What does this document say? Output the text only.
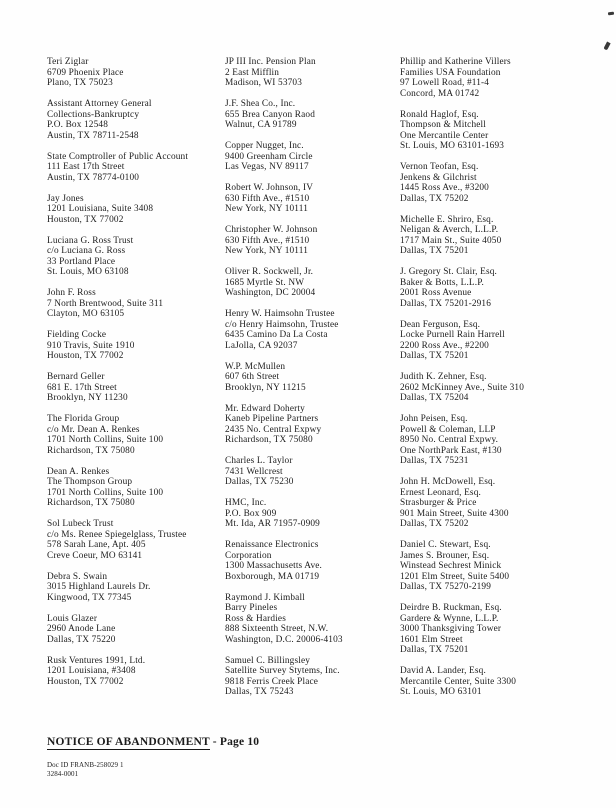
Teri Ziglar
6709 Phoenix Place
Plano, TX 75023
Assistant Attorney General
Collections-Bankruptcy
P.O. Box 12548
Austin, TX 78711-2548
State Comptroller of Public Account
111 East 17th Street
Austin, TX 78774-0100
Jay Jones
1201 Louisiana, Suite 3408
Houston, TX 77002
Luciana G. Ross Trust
c/o Luciana G. Ross
33 Portland Place
St. Louis, MO 63108
John F. Ross
7 North Brentwood, Suite 311
Clayton, MO 63105
Fielding Cocke
910 Travis, Suite 1910
Houston, TX 77002
Bernard Geller
681 E. 17th Street
Brooklyn, NY 11230
The Florida Group
c/o Mr. Dean A. Renkes
1701 North Collins, Suite 100
Richardson, TX 75080
Dean A. Renkes
The Thompson Group
1701 North Collins, Suite 100
Richardson, TX 75080
Sol Lubeck Trust
c/o Ms. Renee Spiegelglass, Trustee
578 Sarah Lane, Apt. 405
Creve Coeur, MO 63141
Debra S. Swain
3015 Highland Laurels Dr.
Kingwood, TX 77345
Louis Glazer
2960 Anode Lane
Dallas, TX 75220
Rusk Ventures 1991, Ltd.
1201 Louisiana, #3408
Houston, TX 77002
JP III Inc. Pension Plan
2 East Mifflin
Madison, WI 53703
J.F. Shea Co., Inc.
655 Brea Canyon Raod
Walnut, CA 91789
Copper Nugget, Inc.
9400 Greenham Circle
Las Vegas, NV 89117
Robert W. Johnson, IV
630 Fifth Ave., #1510
New York, NY 10111
Christopher W. Johnson
630 Fifth Ave., #1510
New York, NY 10111
Oliver R. Sockwell, Jr.
1685 Myrtle St. NW
Washington, DC 20004
Henry W. Haimsohn Trustee
c/o Henry Haimsohn, Trustee
6435 Camino Da La Costa
LaJolla, CA 92037
W.P. McMullen
607 6th Street
Brooklyn, NY 11215
Mr. Edward Doherty
Kaneb Pipeline Partners
2435 No. Central Expwy
Richardson, TX 75080
Charles L. Taylor
7431 Wellcrest
Dallas, TX 75230
HMC, Inc.
P.O. Box 909
Mt. Ida, AR 71957-0909
Renaissance Electronics
Corporation
1300 Massachusetts Ave.
Boxborough, MA 01719
Raymond J. Kimball
Barry Pineles
Ross & Hardies
888 Sixteenth Street, N.W.
Washington, D.C. 20006-4103
Samuel C. Billingsley
Satellite Survey Stytems, Inc.
9818 Ferris Creek Place
Dallas, TX 75243
Phillip and Katherine Villers
Families USA Foundation
97 Lowell Road, #11-4
Concord, MA 01742
Ronald Haglof, Esq.
Thompson & Mitchell
One Mercantile Center
St. Louis, MO 63101-1693
Vernon Teofan, Esq.
Jenkens & Gilchrist
1445 Ross Ave., #3200
Dallas, TX 75202
Michelle E. Shriro, Esq.
Neligan & Averch, L.L.P.
1717 Main St., Suite 4050
Dallas, TX 75201
J. Gregory St. Clair, Esq.
Baker & Botts, L.L.P.
2001 Ross Avenue
Dallas, TX 75201-2916
Dean Ferguson, Esq.
Locke Purnell Rain Harrell
2200 Ross Ave., #2200
Dallas, TX 75201
Judith K. Zehner, Esq.
2602 McKinney Ave., Suite 310
Dallas, TX 75204
John Peisen, Esq.
Powell & Coleman, LLP
8950 No. Central Expwy.
One NorthPark East, #130
Dallas, TX 75231
John H. McDowell, Esq.
Ernest Leonard, Esq.
Strasburger & Price
901 Main Street, Suite 4300
Dallas, TX 75202
Daniel C. Stewart, Esq.
James S. Brouner, Esq.
Winstead Sechrest Minick
1201 Elm Street, Suite 5400
Dallas, TX 75270-2199
Deirdre B. Ruckman, Esq.
Gardere & Wynne, L.L.P.
3000 Thanksgiving Tower
1601 Elm Street
Dallas, TX 75201
David A. Lander, Esq.
Mercantile Center, Suite 3300
St. Louis, MO 63101
NOTICE OF ABANDONMENT - Page 10
Doc ID FRANB-258029 1
3284-0001
